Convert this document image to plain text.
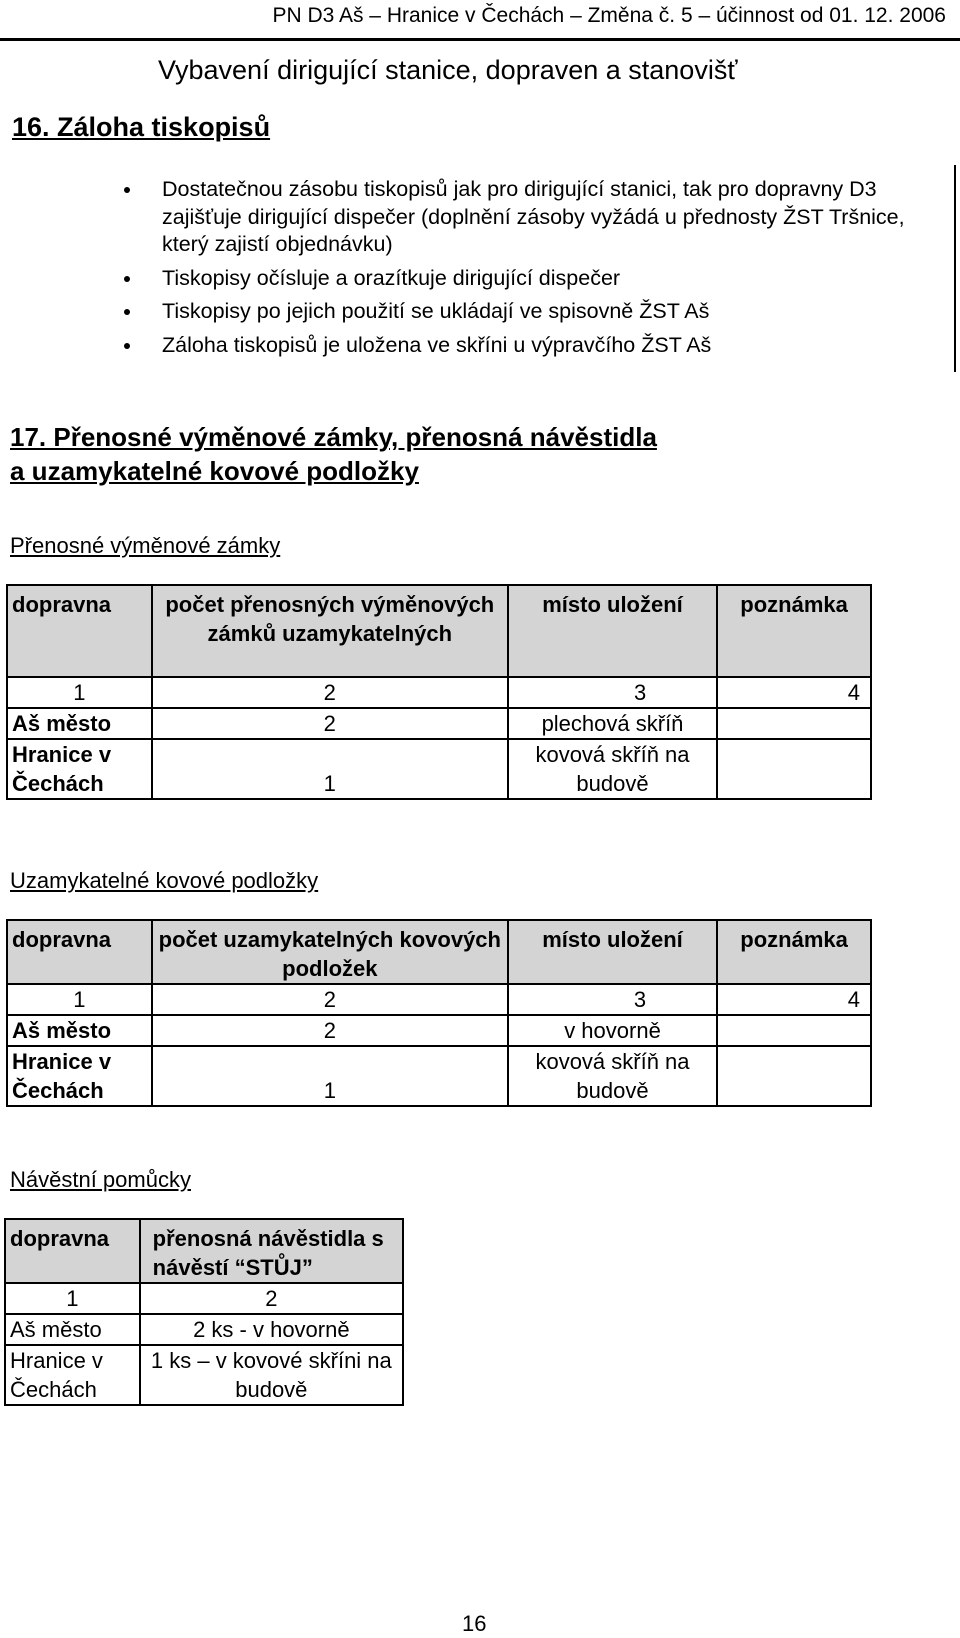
PN D3 Aš – Hranice v Čechách – Změna č. 5 – účinnost od 01. 12. 2006
Vybavení dirigující stanice, dopraven a stanovišť
16. Záloha tiskopisů
Dostatečnou zásobu tiskopisů jak pro dirigující stanici, tak pro dopravny D3 zajišťuje dirigující dispečer (doplnění zásoby vyžádá u přednosty ŽST Tršnice, který zajistí objednávku)
Tiskopisy očísluje a orazítkuje dirigující dispečer
Tiskopisy po jejich použití se ukládají ve spisovně ŽST Aš
Záloha tiskopisů je uložena ve skříni u výpravčího ŽST Aš
17. Přenosné výměnové zámky, přenosná návěstidla
a uzamykatelné kovové podložky
Přenosné výměnové zámky
dopravna	počet přenosných výměnových zámků uzamykatelných	místo uložení	poznámka
1	2	3	4
Aš město	2	plechová skříň	
Hranice v Čechách	1	kovová skříň na budově	
Uzamykatelné kovové podložky
dopravna	počet uzamykatelných kovových podložek	místo uložení	poznámka
1	2	3	4
Aš město	2	v hovorně	
Hranice v Čechách	1	kovová skříň na budově	
Návěstní pomůcky
dopravna	přenosná návěstidla s návěstí “STŮJ”
1	2
Aš město	2 ks - v hovorně
Hranice v Čechách	1 ks – v kovové skříni na budově
16
